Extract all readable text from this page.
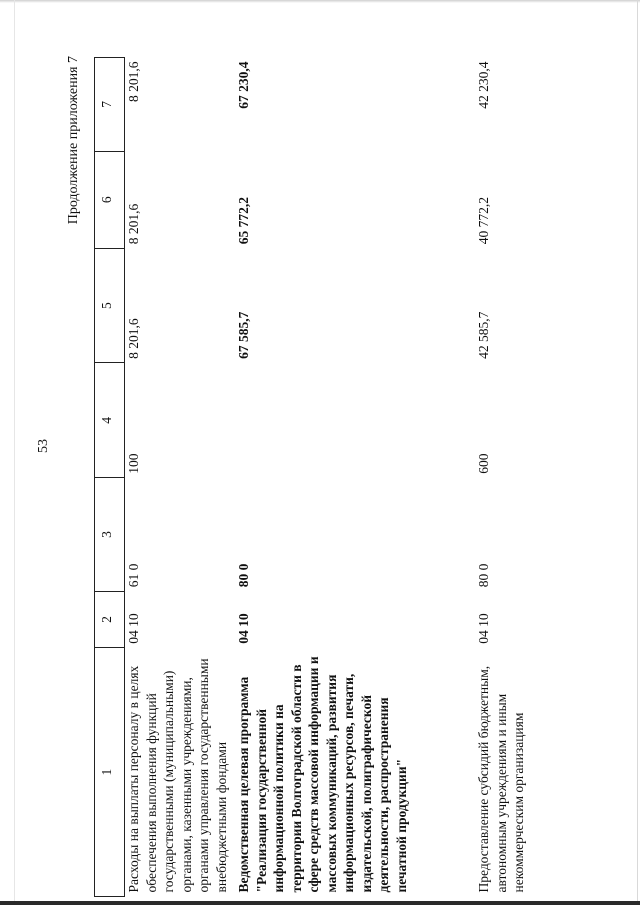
53
Продолжение приложения 7
1	2	3	4	5	6	7
Расходы на выплаты персоналу в целях обеспечения выполнения функций государственными (муниципальными) органами, казенными учреждениями, органами управления государственными внебюджетными фондами	04 10	61 0	100	8 201,6	8 201,6	8 201,6
Ведомственная целевая программа "Реализация государственной информационной политики на территории Волгоградской области в сфере средств массовой информации и массовых коммуникаций, развития информационных ресурсов, печати, издательской, полиграфической деятельности, распространения печатной продукции"	04 10	80 0		67 585,7	65 772,2	67 230,4
Предоставление субсидий бюджетным, автономным учреждениям и иным некоммерческим организациям	04 10	80 0	600	42 585,7	40 772,2	42 230,4
